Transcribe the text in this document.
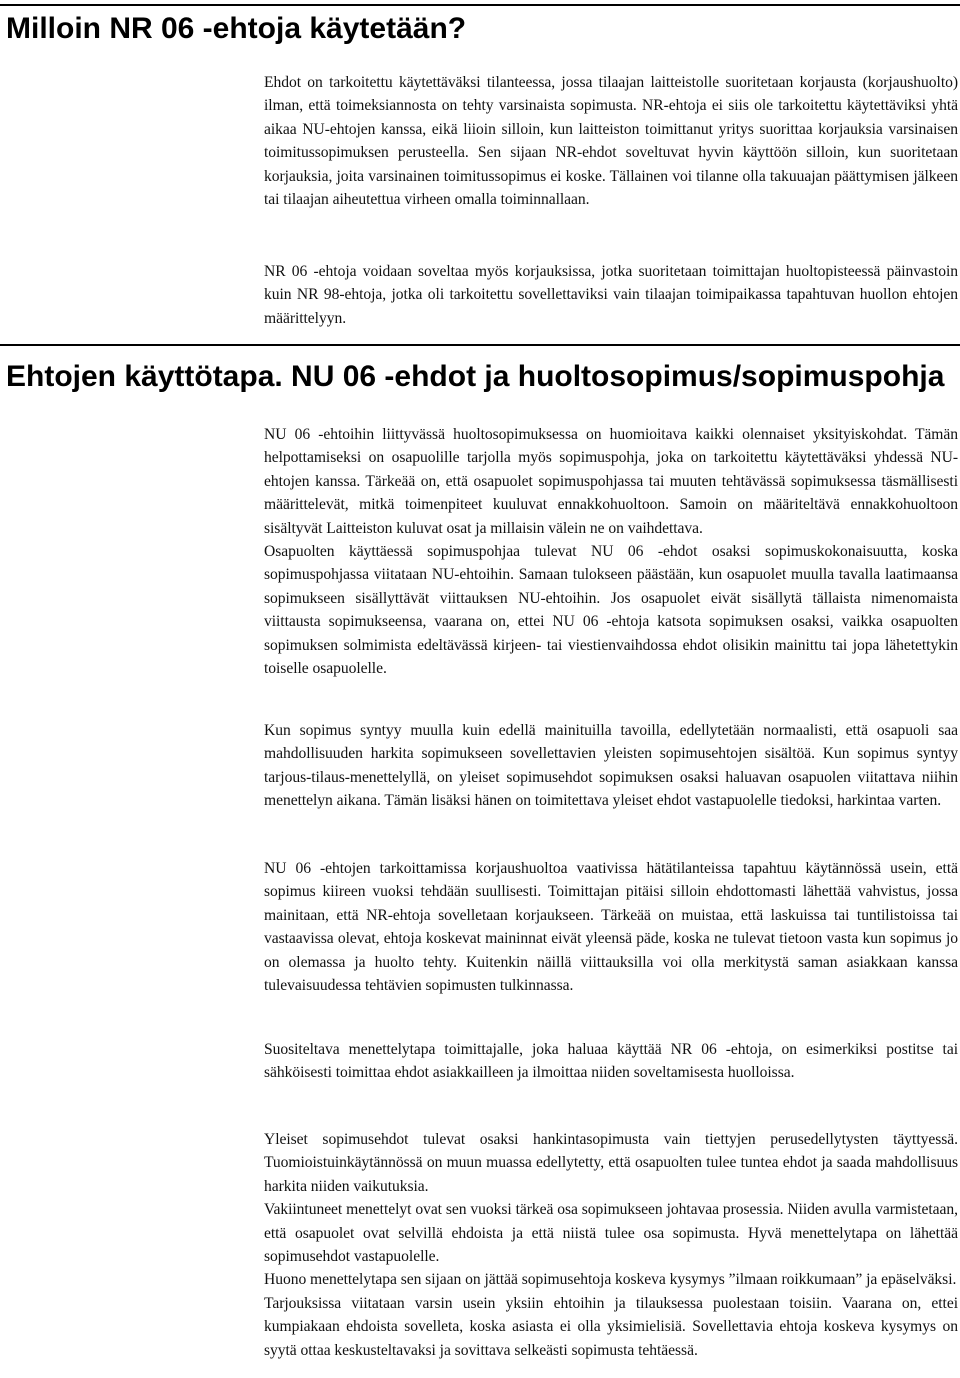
Milloin NR 06 -ehtoja käytetään?

Ehdot on tarkoitettu käytettäväksi tilanteessa, jossa tilaajan laitteistolle suoritetaan korjausta (korjaushuolto) ilman, että toimeksiannosta on tehty varsinaista sopimusta. NR-ehtoja ei siis ole tarkoitettu käytettäviksi yhtä aikaa NU-ehtojen kanssa, eikä liioin silloin, kun laitteiston toimittanut yritys suorittaa korjauksia varsinaisen toimitussopimuksen perusteella. Sen sijaan NR-ehdot soveltuvat hyvin käyttöön silloin, kun suoritetaan korjauksia, joita varsinainen toimitussopimus ei koske. Tällainen voi tilanne olla takuuajan päättymisen jälkeen tai tilaajan aiheutettua virheen omalla toiminnallaan.

NR 06 -ehtoja voidaan soveltaa myös korjauksissa, jotka suoritetaan toimittajan huoltopisteessä päinvastoin kuin NR 98-ehtoja, jotka oli tarkoitettu sovellettaviksi vain tilaajan toimipaikassa tapahtuvan huollon ehtojen määrittelyyn.

Ehtojen käyttötapa. NU 06 -ehdot ja huoltosopimus/sopimuspohja

NU 06 -ehtoihin liittyvässä huoltosopimuksessa on huomioitava kaikki olennaiset yksityiskohdat. Tämän helpottamiseksi on osapuolille tarjolla myös sopimuspohja, joka on tarkoitettu käytettäväksi yhdessä NU-ehtojen kanssa. Tärkeää on, että osapuolet sopimuspohjassa tai muuten tehtävässä sopimuksessa täsmällisesti määrittelevät, mitkä toimenpiteet kuuluvat ennakkohuoltoon. Samoin on määriteltävä ennakkohuoltoon sisältyvät Laitteiston kuluvat osat ja millaisin välein ne on vaihdettava.
Osapuolten käyttäessä sopimuspohjaa tulevat NU 06 -ehdot osaksi sopimuskokonaisuutta, koska sopimuspohjassa viitataan NU-ehtoihin. Samaan tulokseen päästään, kun osapuolet muulla tavalla laatimaansa sopimukseen sisällyttävät viittauksen NU-ehtoihin. Jos osapuolet eivät sisällytä tällaista nimenomaista viittausta sopimukseensa, vaarana on, ettei NU 06 -ehtoja katsota sopimuksen osaksi, vaikka osapuolten sopimuksen solmimista edeltävässä kirjeen- tai viestienvaihdossa ehdot olisikin mainittu tai jopa lähetettykin toiselle osapuolelle.

Kun sopimus syntyy muulla kuin edellä mainituilla tavoilla, edellytetään normaalisti, että osapuoli saa mahdollisuuden harkita sopimukseen sovellettavien yleisten sopimusehtojen sisältöä. Kun sopimus syntyy tarjous-tilaus-menettelyllä, on yleiset sopimusehdot sopimuksen osaksi haluavan osapuolen viitattava niihin menettelyn aikana. Tämän lisäksi hänen on toimitettava yleiset ehdot vastapuolelle tiedoksi, harkintaa varten.

NU 06 -ehtojen tarkoittamissa korjaushuoltoa vaativissa hätätilanteissa tapahtuu käytännössä usein, että sopimus kiireen vuoksi tehdään suullisesti. Toimittajan pitäisi silloin ehdottomasti lähettää vahvistus, jossa mainitaan, että NR-ehtoja sovelletaan korjaukseen. Tärkeää on muistaa, että laskuissa tai tuntilistoissa tai vastaavissa olevat, ehtoja koskevat maininnat eivät yleensä päde, koska ne tulevat tietoon vasta kun sopimus jo on olemassa ja huolto tehty. Kuitenkin näillä viittauksilla voi olla merkitystä saman asiakkaan kanssa tulevaisuudessa tehtävien sopimusten tulkinnassa.

Suositeltava menettelytapa toimittajalle, joka haluaa käyttää NR 06 -ehtoja, on esimerkiksi postitse tai sähköisesti toimittaa ehdot asiakkailleen ja ilmoittaa niiden soveltamisesta huolloissa.

Yleiset sopimusehdot tulevat osaksi hankintasopimusta vain tiettyjen perusedellytysten täyttyessä. Tuomioistuinkäytännössä on muun muassa edellytetty, että osapuolten tulee tuntea ehdot ja saada mahdollisuus harkita niiden vaikutuksia.
Vakiintuneet menettelyt ovat sen vuoksi tärkeä osa sopimukseen johtavaa prosessia. Niiden avulla varmistetaan, että osapuolet ovat selvillä ehdoista ja että niistä tulee osa sopimusta. Hyvä menettelytapa on lähettää sopimusehdot vastapuolelle.
Huono menettelytapa sen sijaan on jättää sopimusehtoja koskeva kysymys ”ilmaan roikkumaan” ja epäselväksi.
Tarjouksissa viitataan varsin usein yksiin ehtoihin ja tilauksessa puolestaan toisiin. Vaarana on, ettei kumpiakaan ehdoista sovelleta, koska asiasta ei olla yksimielisiä. Sovellettavia ehtoja koskeva kysymys on syytä ottaa keskusteltavaksi ja sovittava selkeästi sopimusta tehtäessä.
